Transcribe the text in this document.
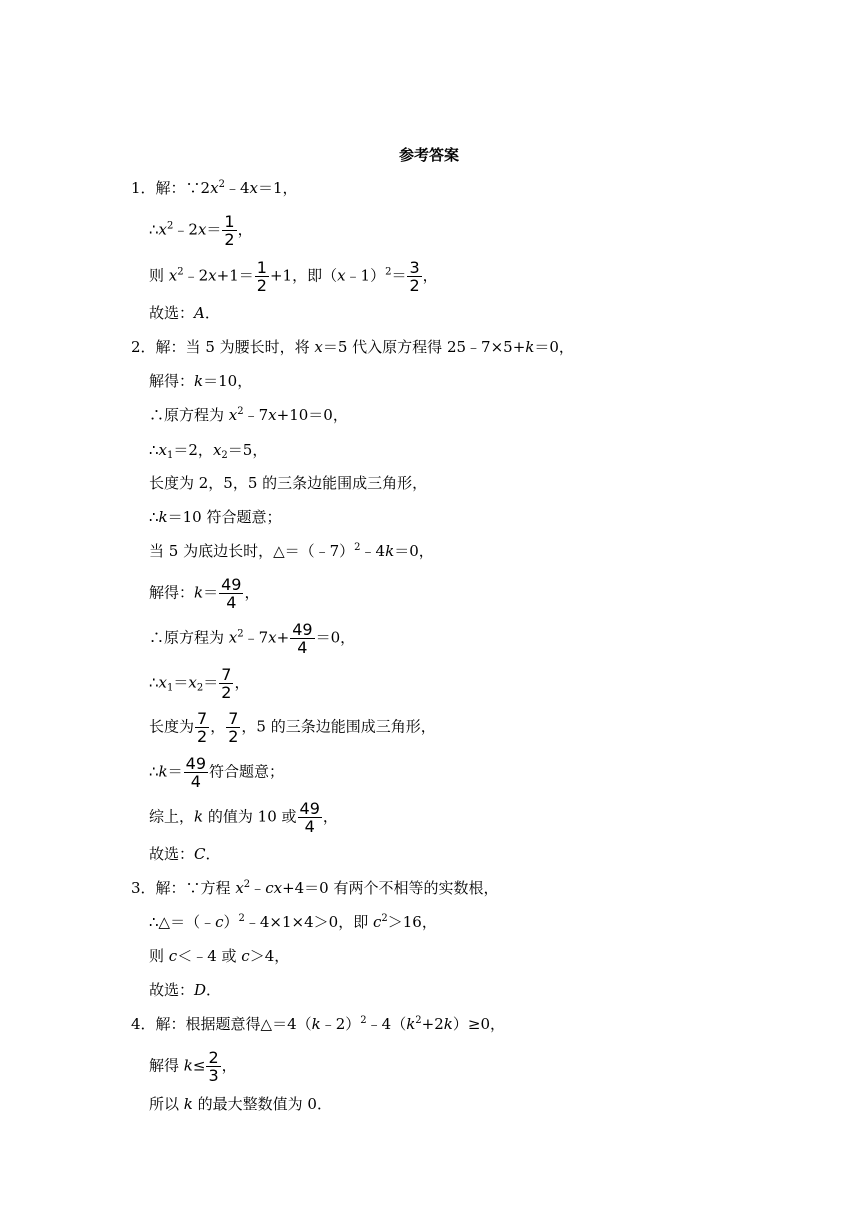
参考答案
1．解：$\because 2x^2﹣4x=1$，
$\therefore x^2﹣2x= \frac{1}{2}$ ，
则 $x^2﹣2x+1= \frac{1}{2} +1$，即（x﹣1）$^2$＝ $\frac{3}{2}$ ，
故选：A．
2．解：当 5 为腰长时，将 x＝5 代入原方程得 25﹣7×5+k＝0，
解得：k＝10，
∴原方程为 $x^2﹣7x+10=0$，
$\therefore x_1=2$，$x_2=5$，
长度为 2，5，5 的三条边能围成三角形，
∴k＝10 符合题意；
当 5 为底边长时，△＝（﹣7）$^2$﹣4k＝0，
解得：$k= \frac{49}{4}$ ，
∴原方程为 $x^2﹣7x+ \frac{49}{4} =0$，
$\therefore x_1=x_2= \frac{7}{2}$ ，
长度为 $\frac{7}{2}$ ， $\frac{7}{2}$ ，5 的三条边能围成三角形，
∴k＝ $\frac{49}{4}$ 符合题意；
综上，k 的值为 10 或 $\frac{49}{4}$ ，
故选：C．
3．解：∵方程 $x^2﹣cx+4=0$ 有两个不相等的实数根，
∴△＝（﹣c）$^2$﹣4×1×4＞0，即 $c^2>16$，
则 c＜﹣4 或 c＞4，
故选：D．
4．解：根据题意得$\triangle=4(k﹣2)^2﹣4(k^2+2k)\ge 0$，
解得 $k\le \frac{2}{3}$ ，
所以 k 的最大整数值为 0．
